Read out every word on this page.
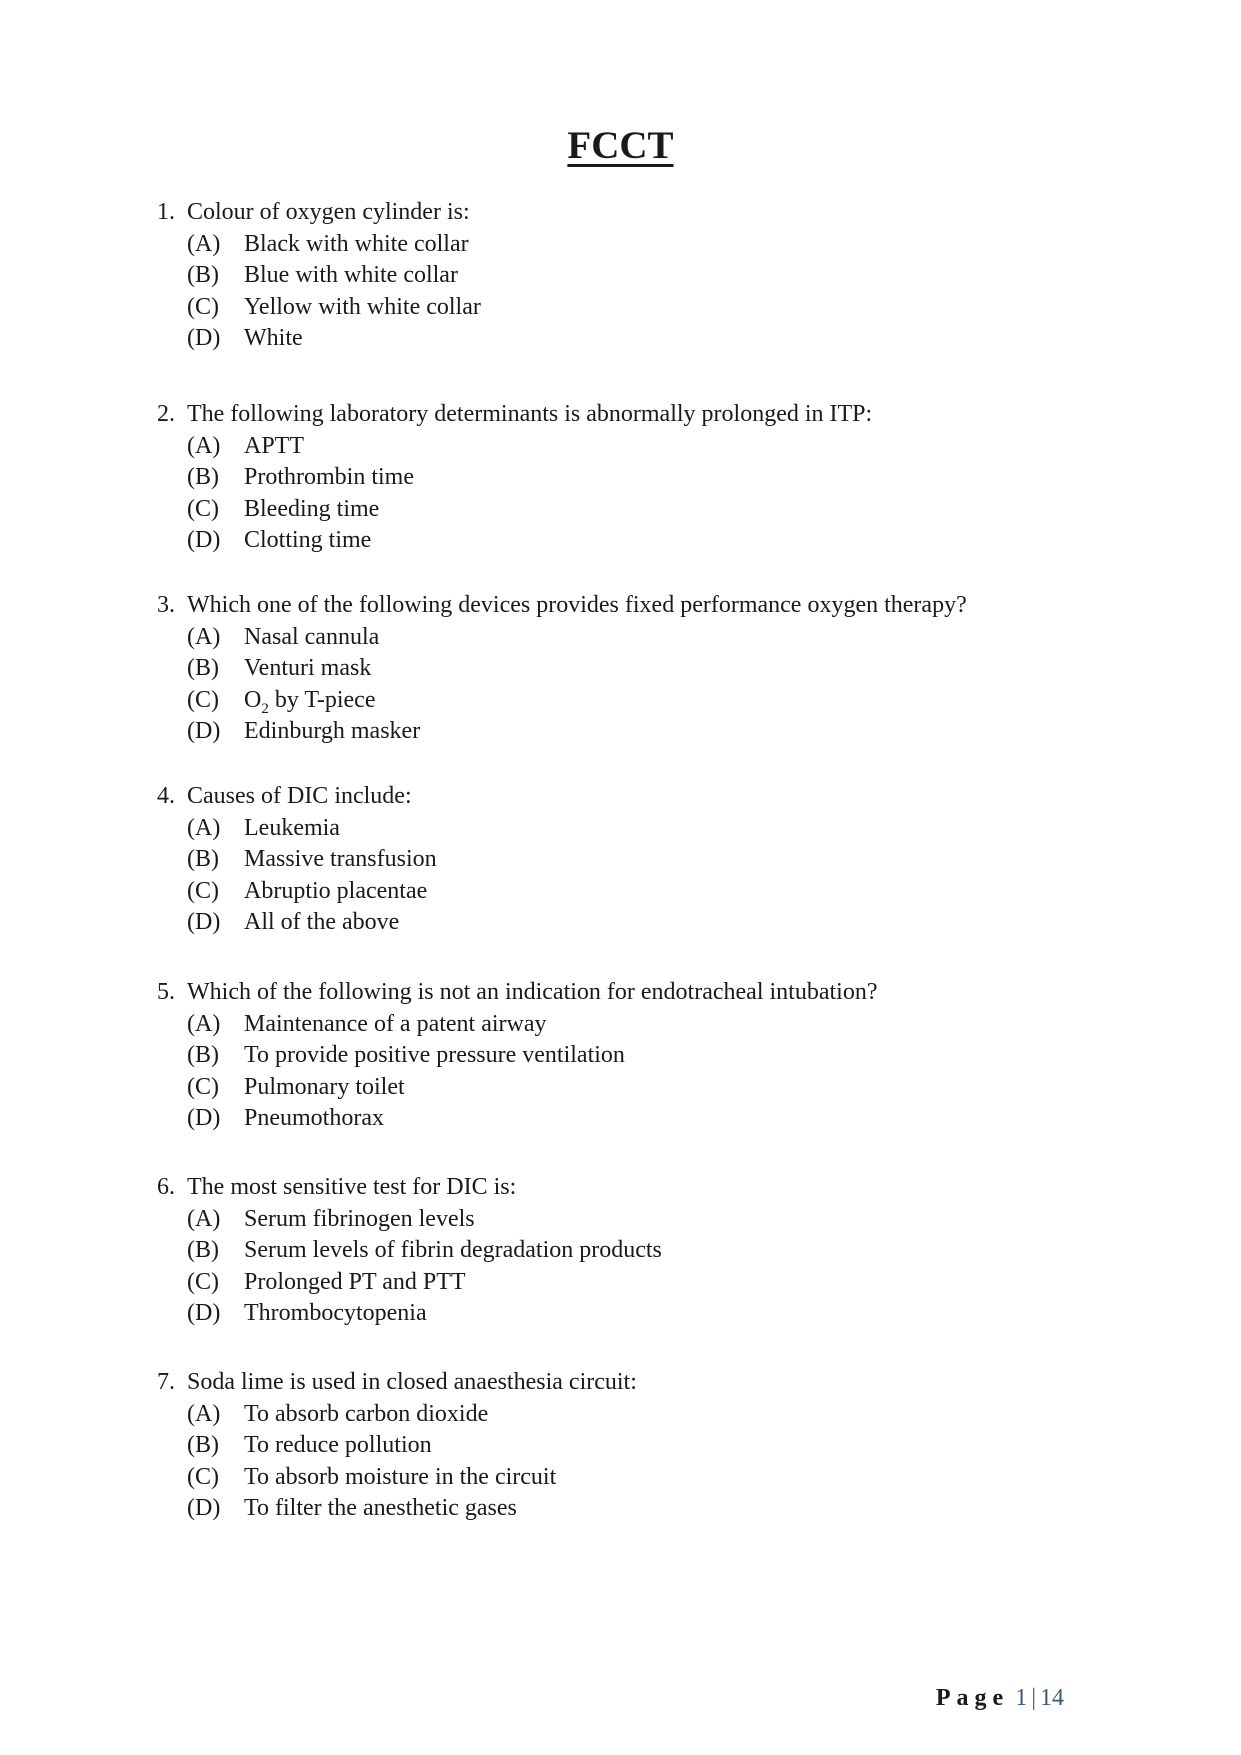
FCCT
1. Colour of oxygen cylinder is:
(A) Black with white collar
(B) Blue with white collar
(C) Yellow with white collar
(D) White
2. The following laboratory determinants is abnormally prolonged in ITP:
(A) APTT
(B) Prothrombin time
(C) Bleeding time
(D) Clotting time
3. Which one of the following devices provides fixed performance oxygen therapy?
(A) Nasal cannula
(B) Venturi mask
(C) $O_2$ by T-piece
(D) Edinburgh masker
4. Causes of DIC include:
(A) Leukemia
(B) Massive transfusion
(C) Abruptio placentae
(D) All of the above
5. Which of the following is not an indication for endotracheal intubation?
(A) Maintenance of a patent airway
(B) To provide positive pressure ventilation
(C) Pulmonary toilet
(D) Pneumothorax
6. The most sensitive test for DIC is:
(A) Serum fibrinogen levels
(B) Serum levels of fibrin degradation products
(C) Prolonged PT and PTT
(D) Thrombocytopenia
7. Soda lime is used in closed anaesthesia circuit:
(A) To absorb carbon dioxide
(B) To reduce pollution
(C) To absorb moisture in the circuit
(D) To filter the anesthetic gases
Page 1 | 14
